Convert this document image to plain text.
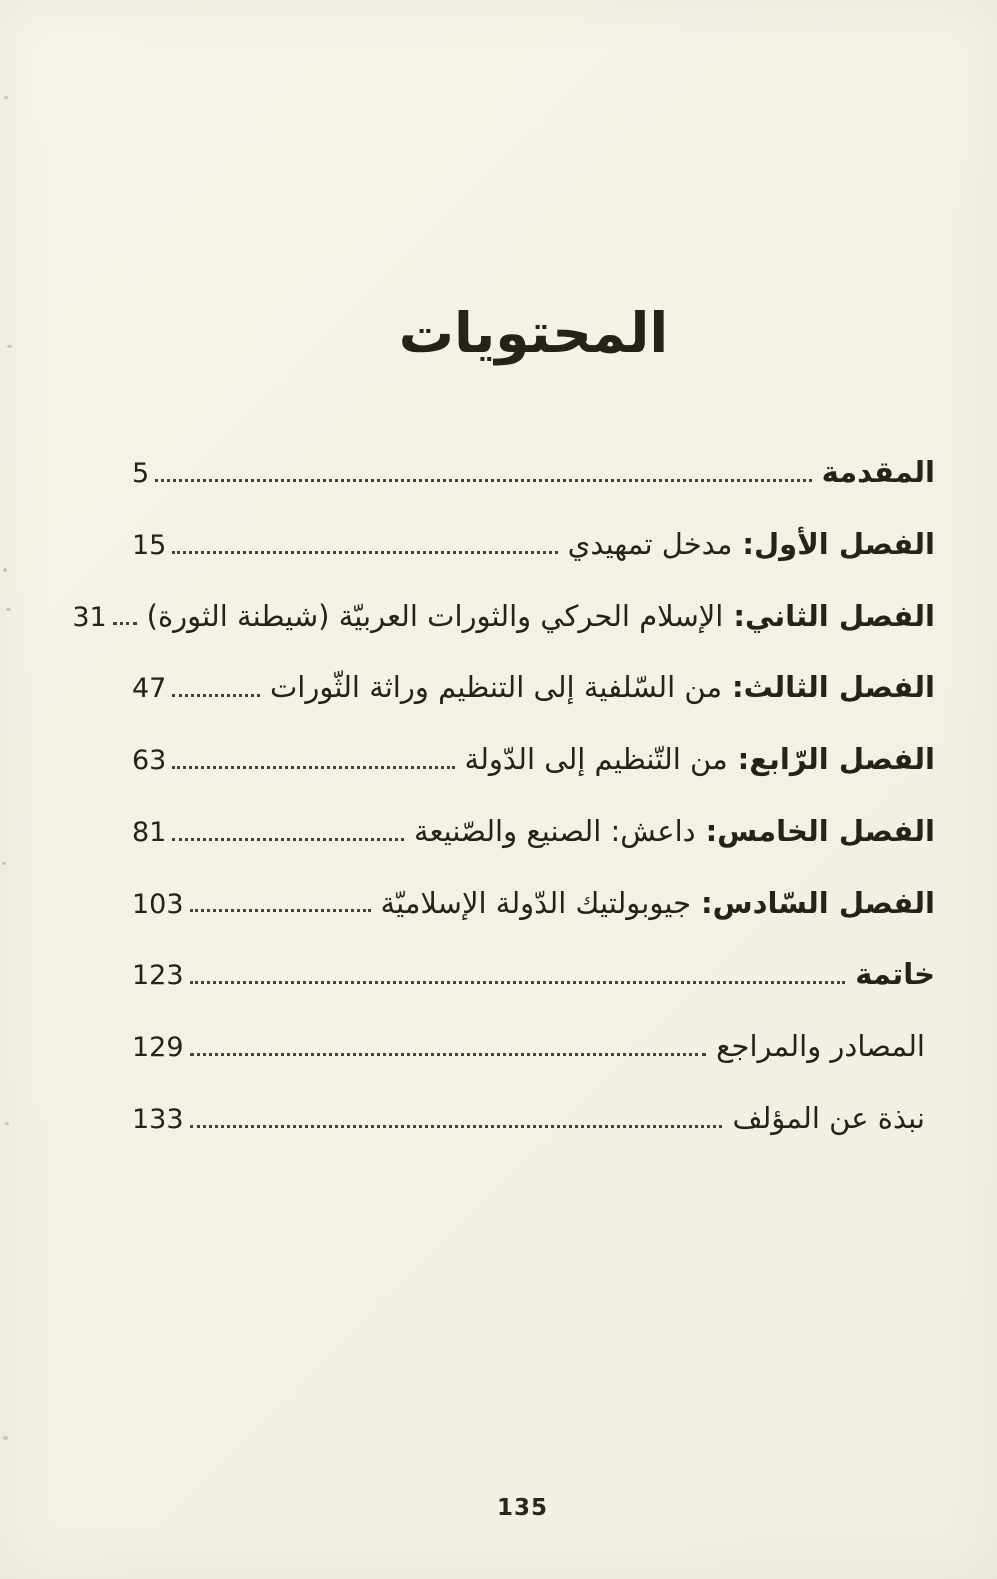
المحتويات
المقدمة
5
الفصل الأول:
مدخل تمهيدي
15
الفصل الثاني:
الإسلام الحركي والثورات العربيّة (شيطنة الثورة)
31
الفصل الثالث:
من السّلفية إلى التنظيم وراثة الثّورات
47
الفصل الرّابع:
من التّنظيم إلى الدّولة
63
الفصل الخامس:
داعش: الصنيع والصّنيعة
81
الفصل السّادس:
جيوبولتيك الدّولة الإسلاميّة
103
خاتمة
123
المصادر والمراجع
129
نبذة عن المؤلف
133
135
